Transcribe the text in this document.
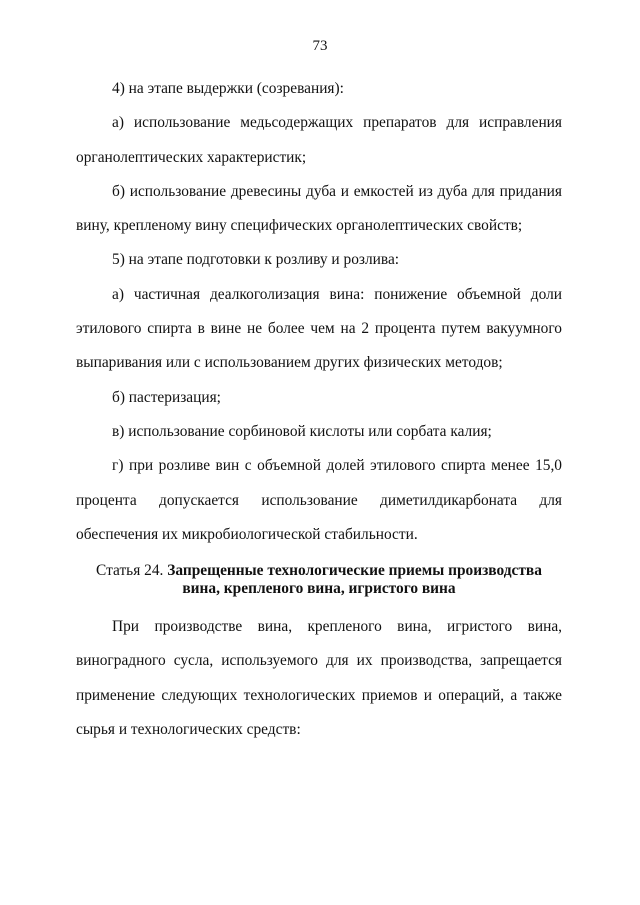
73

4) на этапе выдержки (созревания):

а) использование медьсодержащих препаратов для исправления органолептических характеристик;

б) использование древесины дуба и емкостей из дуба для придания вину, крепленому вину специфических органолептических свойств;

5) на этапе подготовки к розливу и розлива:

а) частичная деалкоголизация вина: понижение объемной доли этилового спирта в вине не более чем на 2 процента путем вакуумного выпаривания или с использованием других физических методов;

б) пастеризация;

в) использование сорбиновой кислоты или сорбата калия;

г) при розливе вин с объемной долей этилового спирта менее 15,0 процента допускается использование диметилдикарбоната для обеспечения их микробиологической стабильности.

Статья 24. Запрещенные технологические приемы производства
вина, крепленого вина, игристого вина

При производстве вина, крепленого вина, игристого вина, виноградного сусла, используемого для их производства, запрещается применение следующих технологических приемов и операций, а также сырья и технологических средств:
